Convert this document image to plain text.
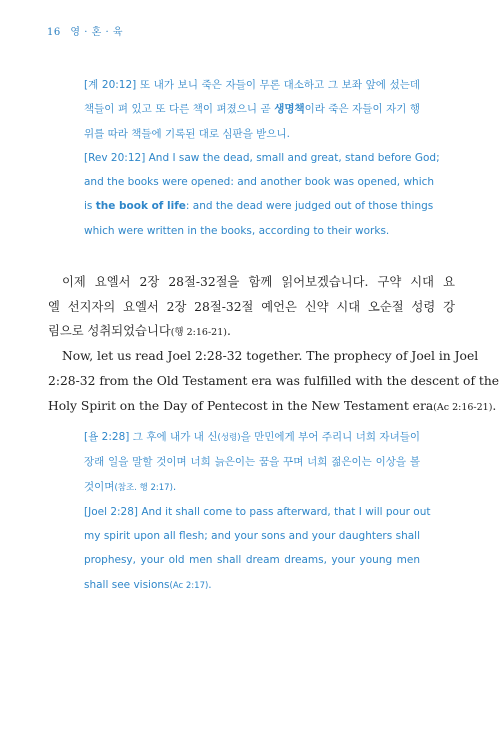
16 영 · 혼 · 육
[계 20:12] 또 내가 보니 죽은 자들이 무론 대소하고 그 보좌 앞에 섰는데
책들이 펴 있고 또 다른 책이 펴졌으니 곧 생명책이라 죽은 자들이 자기 행
위를 따라 책들에 기록된 대로 심판을 받으니.
[Rev 20:12] And I saw the dead, small and great, stand before God;
and the books were opened: and another book was opened, which
is the book of life: and the dead were judged out of those things
which were written in the books, according to their works.
이제 요엘서 2장 28절-32절을 함께 읽어보겠습니다. 구약 시대 요
엘 선지자의 요엘서 2장 28절-32절 예언은 신약 시대 오순절 성령 강
림으로 성취되었습니다(행 2:16-21).
Now, let us read Joel 2:28-32 together. The prophecy of Joel in Joel
2:28-32 from the Old Testament era was fulfilled with the descent of the
Holy Spirit on the Day of Pentecost in the New Testament era(Ac 2:16-21).
[욜 2:28] 그 후에 내가 내 신(성령)을 만민에게 부어 주리니 너희 자녀들이
장래 일을 말할 것이며 너희 늙은이는 꿈을 꾸며 너희 젊은이는 이상을 볼
것이며(참조. 행 2:17).
[Joel 2:28] And it shall come to pass afterward, that I will pour out
my spirit upon all flesh; and your sons and your daughters shall
prophesy, your old men shall dream dreams, your young men
shall see visions(Ac 2:17).
